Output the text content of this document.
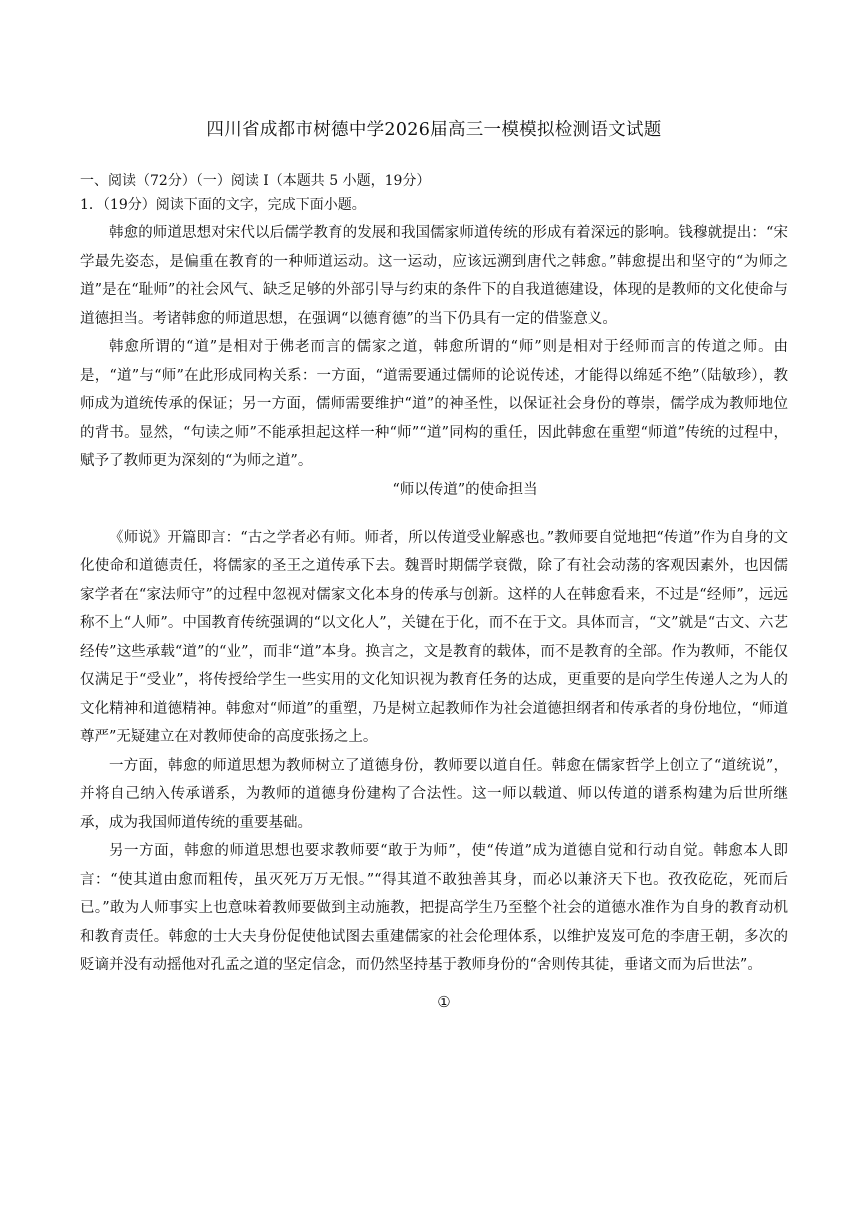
四川省成都市树德中学2026届高三一模模拟检测语文试题
一、阅读（72分）（一）阅读 I（本题共 5 小题，19分）
1．（19分）阅读下面的文字，完成下面小题。

韩愈的师道思想对宋代以后儒学教育的发展和我国儒家师道传统的形成有着深远的影响。钱穆就提出：“宋学最先姿态，是偏重在教育的一种师道运动。这一运动，应该远溯到唐代之韩愈。”韩愈提出和坚守的“为师之道”是在“耻师”的社会风气、缺乏足够的外部引导与约束的条件下的自我道德建设，体现的是教师的文化使命与道德担当。考诸韩愈的师道思想，在强调“以德育德”的当下仍具有一定的借鉴意义。

韩愈所谓的“道”是相对于佛老而言的儒家之道，韩愈所谓的“师”则是相对于经师而言的传道之师。由是，“道”与“师”在此形成同构关系：一方面，“道需要通过儒师的论说传述，才能得以绵延不绝”（陆敏珍），教师成为道统传承的保证；另一方面，儒师需要维护“道”的神圣性，以保证社会身份的尊崇，儒学成为教师地位的背书。显然，“句读之师”不能承担起这样一种“师”“道”同构的重任，因此韩愈在重塑“师道”传统的过程中，赋予了教师更为深刻的“为师之道”。

“师以传道”的使命担当

《师说》开篇即言：“古之学者必有师。师者，所以传道受业解惑也。”教师要自觉地把“传道”作为自身的文化使命和道德责任，将儒家的圣王之道传承下去。魏晋时期儒学衰微，除了有社会动荡的客观因素外，也因儒家学者在“家法师守”的过程中忽视对儒家文化本身的传承与创新。这样的人在韩愈看来，不过是“经师”，远远称不上“人师”。中国教育传统强调的“以文化人”，关键在于化，而不在于文。具体而言，“文”就是“古文、六艺经传”这些承载“道”的“业”，而非“道”本身。换言之，文是教育的载体，而不是教育的全部。作为教师，不能仅仅满足于“受业”，将传授给学生一些实用的文化知识视为教育任务的达成，更重要的是向学生传递人之为人的文化精神和道德精神。韩愈对“师道”的重塑，乃是树立起教师作为社会道德担纲者和传承者的身份地位，“师道尊严”无疑建立在对教师使命的高度张扬之上。

一方面，韩愈的师道思想为教师树立了道德身份，教师要以道自任。韩愈在儒家哲学上创立了“道统说”，并将自己纳入传承谱系，为教师的道德身份建构了合法性。这一师以载道、师以传道的谱系构建为后世所继承，成为我国师道传统的重要基础。

另一方面，韩愈的师道思想也要求教师要“敢于为师”，使“传道”成为道德自觉和行动自觉。韩愈本人即言：“使其道由愈而粗传，虽灭死万万无恨。”“得其道不敢独善其身，而必以兼济天下也。孜孜矻矻，死而后已。”敢为人师事实上也意味着教师要做到主动施教，把提高学生乃至整个社会的道德水准作为自身的教育动机和教育责任。韩愈的士大夫身份促使他试图去重建儒家的社会伦理体系，以维护岌岌可危的李唐王朝，多次的贬谪并没有动摇他对孔孟之道的坚定信念，而仍然坚持基于教师身份的“舍则传其徒，垂诸文而为后世法”。

①
